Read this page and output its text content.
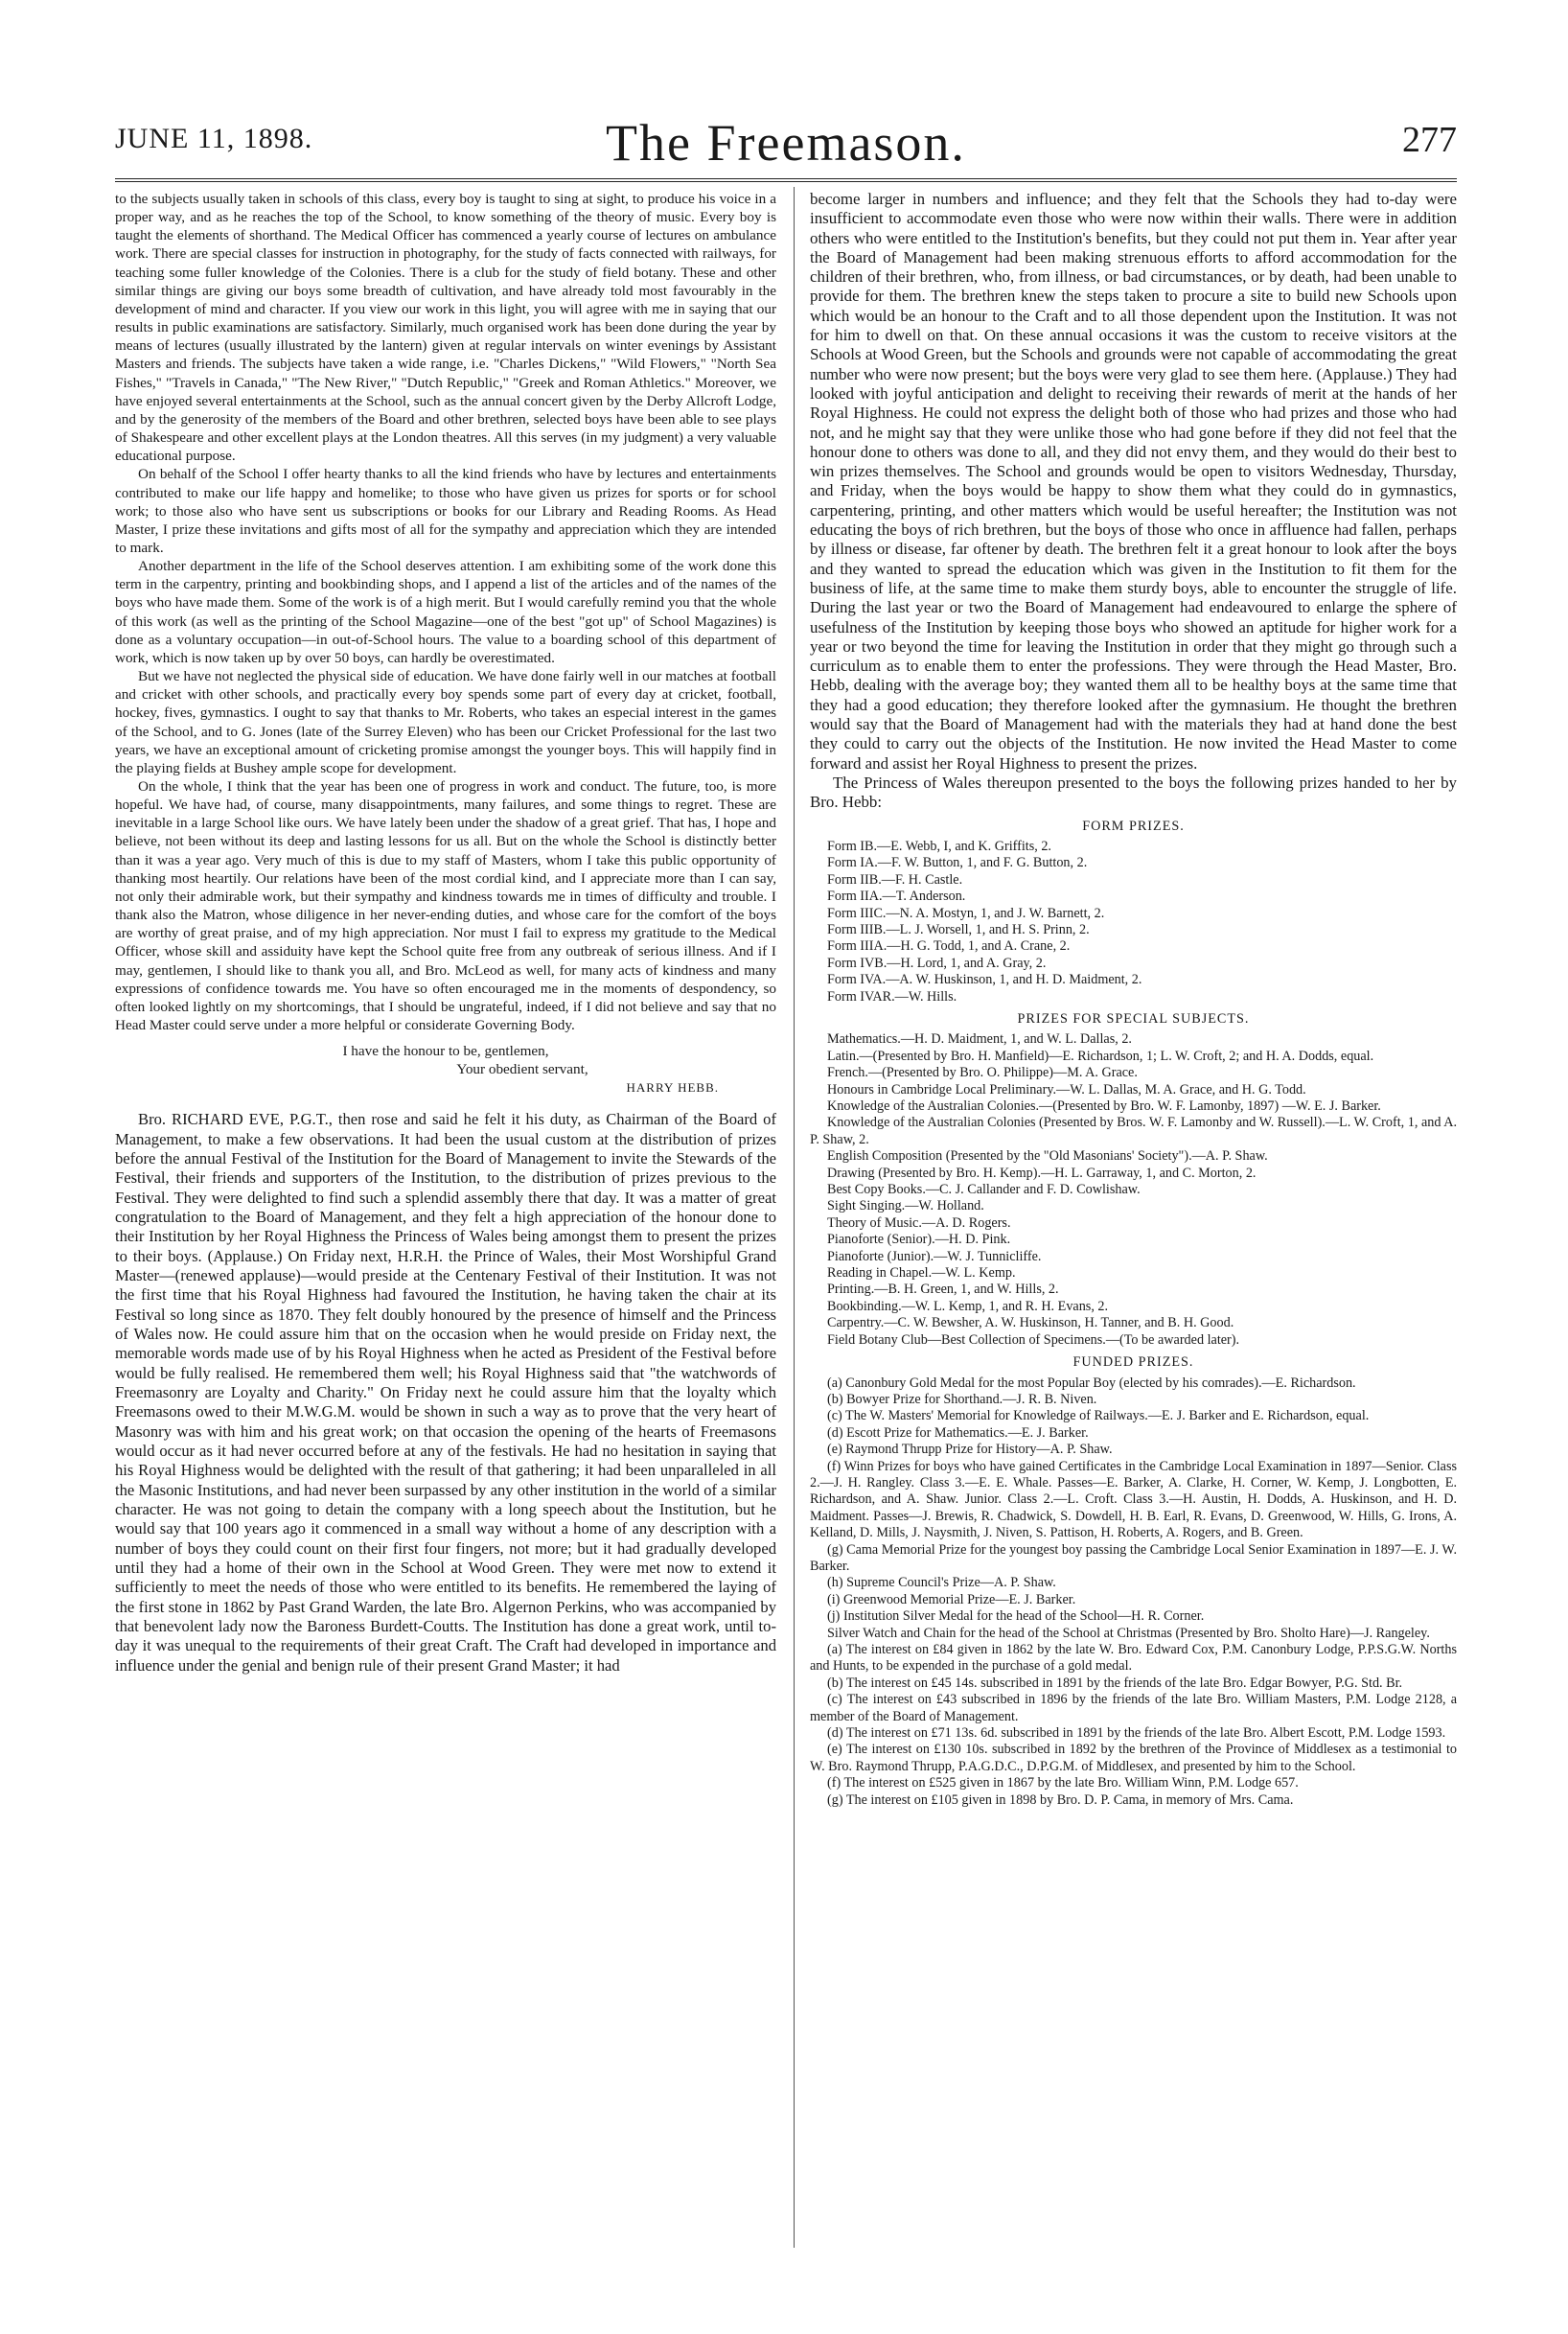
JUNE 11, 1898.	The Freemason.	277

to the subjects usually taken in schools of this class, every boy is taught to sing at sight, to produce his voice in a proper way, and as he reaches the top of the School, to know something of the theory of music. Every boy is taught the elements of shorthand. The Medical Officer has commenced a yearly course of lectures on ambulance work. There are special classes for instruction in photography, for the study of facts connected with railways, for teaching some fuller knowledge of the Colonies. There is a club for the study of field botany. These and other similar things are giving our boys some breadth of cultivation, and have already told most favourably in the development of mind and character. If you view our work in this light, you will agree with me in saying that our results in public examinations are satisfactory. Similarly, much organised work has been done during the year by means of lectures (usually illustrated by the lantern) given at regular intervals on winter evenings by Assistant Masters and friends. The subjects have taken a wide range, i.e. "Charles Dickens," "Wild Flowers," "North Sea Fishes," "Travels in Canada," "The New River," "Dutch Republic," "Greek and Roman Athletics." Moreover, we have enjoyed several entertainments at the School, such as the annual concert given by the Derby Allcroft Lodge, and by the generosity of the members of the Board and other brethren, selected boys have been able to see plays of Shakespeare and other excellent plays at the London theatres. All this serves (in my judgment) a very valuable educational purpose.

On behalf of the School I offer hearty thanks to all the kind friends who have by lectures and entertainments contributed to make our life happy and homelike; to those who have given us prizes for sports or for school work; to those also who have sent us subscriptions or books for our Library and Reading Rooms. As Head Master, I prize these invitations and gifts most of all for the sympathy and appreciation which they are intended to mark.

Another department in the life of the School deserves attention. I am exhibiting some of the work done this term in the carpentry, printing and bookbinding shops, and I append a list of the articles and of the names of the boys who have made them. Some of the work is of a high merit. But I would carefully remind you that the whole of this work (as well as the printing of the School Magazine—one of the best "got up" of School Magazines) is done as a voluntary occupation—in out-of-School hours. The value to a boarding school of this department of work, which is now taken up by over 50 boys, can hardly be overestimated.

But we have not neglected the physical side of education. We have done fairly well in our matches at football and cricket with other schools, and practically every boy spends some part of every day at cricket, football, hockey, fives, gymnastics. I ought to say that thanks to Mr. Roberts, who takes an especial interest in the games of the School, and to G. Jones (late of the Surrey Eleven) who has been our Cricket Professional for the last two years, we have an exceptional amount of cricketing promise amongst the younger boys. This will happily find in the playing fields at Bushey ample scope for development.

On the whole, I think that the year has been one of progress in work and conduct. The future, too, is more hopeful. We have had, of course, many disappointments, many failures, and some things to regret. These are inevitable in a large School like ours. We have lately been under the shadow of a great grief. That has, I hope and believe, not been without its deep and lasting lessons for us all. But on the whole the School is distinctly better than it was a year ago. Very much of this is due to my staff of Masters, whom I take this public opportunity of thanking most heartily. Our relations have been of the most cordial kind, and I appreciate more than I can say, not only their admirable work, but their sympathy and kindness towards me in times of difficulty and trouble. I thank also the Matron, whose diligence in her never-ending duties, and whose care for the comfort of the boys are worthy of great praise, and of my high appreciation. Nor must I fail to express my gratitude to the Medical Officer, whose skill and assiduity have kept the School quite free from any outbreak of serious illness. And if I may, gentlemen, I should like to thank you all, and Bro. McLeod as well, for many acts of kindness and many expressions of confidence towards me. You have so often encouraged me in the moments of despondency, so often looked lightly on my shortcomings, that I should be ungrateful, indeed, if I did not believe and say that no Head Master could serve under a more helpful or considerate Governing Body.

I have the honour to be, gentlemen,
Your obedient servant,
HARRY HEBB.

Bro. RICHARD EVE, P.G.T., then rose and said he felt it his duty, as Chairman of the Board of Management, to make a few observations. It had been the usual custom at the distribution of prizes before the annual Festival of the Institution for the Board of Management to invite the Stewards of the Festival, their friends and supporters of the Institution, to the distribution of prizes previous to the Festival. They were delighted to find such a splendid assembly there that day. It was a matter of great congratulation to the Board of Management, and they felt a high appreciation of the honour done to their Institution by her Royal Highness the Princess of Wales being amongst them to present the prizes to their boys. (Applause.) On Friday next, H.R.H. the Prince of Wales, their Most Worshipful Grand Master—(renewed applause)—would preside at the Centenary Festival of their Institution. It was not the first time that his Royal Highness had favoured the Institution, he having taken the chair at its Festival so long since as 1870. They felt doubly honoured by the presence of himself and the Princess of Wales now. He could assure him that on the occasion when he would preside on Friday next, the memorable words made use of by his Royal Highness when he acted as President of the Festival before would be fully realised. He remembered them well; his Royal Highness said that "the watchwords of Freemasonry are Loyalty and Charity." On Friday next he could assure him that the loyalty which Freemasons owed to their M.W.G.M. would be shown in such a way as to prove that the very heart of Masonry was with him and his great work; on that occasion the opening of the hearts of Freemasons would occur as it had never occurred before at any of the festivals. He had no hesitation in saying that his Royal Highness would be delighted with the result of that gathering; it had been unparalleled in all the Masonic Institutions, and had never been surpassed by any other institution in the world of a similar character. He was not going to detain the company with a long speech about the Institution, but he would say that 100 years ago it commenced in a small way without a home of any description with a number of boys they could count on their first four fingers, not more; but it had gradually developed until they had a home of their own in the School at Wood Green. They were met now to extend it sufficiently to meet the needs of those who were entitled to its benefits. He remembered the laying of the first stone in 1862 by Past Grand Warden, the late Bro. Algernon Perkins, who was accompanied by that benevolent lady now the Baroness Burdett-Coutts. The Institution has done a great work, until to-day it was unequal to the requirements of their great Craft. The Craft had developed in importance and influence under the genial and benign rule of their present Grand Master; it had

become larger in numbers and influence; and they felt that the Schools they had to-day were insufficient to accommodate even those who were now within their walls. There were in addition others who were entitled to the Institution's benefits, but they could not put them in. Year after year the Board of Management had been making strenuous efforts to afford accommodation for the children of their brethren, who, from illness, or bad circumstances, or by death, had been unable to provide for them. The brethren knew the steps taken to procure a site to build new Schools upon which would be an honour to the Craft and to all those dependent upon the Institution. It was not for him to dwell on that. On these annual occasions it was the custom to receive visitors at the Schools at Wood Green, but the Schools and grounds were not capable of accommodating the great number who were now present; but the boys were very glad to see them here. (Applause.) They had looked with joyful anticipation and delight to receiving their rewards of merit at the hands of her Royal Highness. He could not express the delight both of those who had prizes and those who had not, and he might say that they were unlike those who had gone before if they did not feel that the honour done to others was done to all, and they did not envy them, and they would do their best to win prizes themselves. The School and grounds would be open to visitors Wednesday, Thursday, and Friday, when the boys would be happy to show them what they could do in gymnastics, carpentering, printing, and other matters which would be useful hereafter; the Institution was not educating the boys of rich brethren, but the boys of those who once in affluence had fallen, perhaps by illness or disease, far oftener by death. The brethren felt it a great honour to look after the boys and they wanted to spread the education which was given in the Institution to fit them for the business of life, at the same time to make them sturdy boys, able to encounter the struggle of life. During the last year or two the Board of Management had endeavoured to enlarge the sphere of usefulness of the Institution by keeping those boys who showed an aptitude for higher work for a year or two beyond the time for leaving the Institution in order that they might go through such a curriculum as to enable them to enter the professions. They were through the Head Master, Bro. Hebb, dealing with the average boy; they wanted them all to be healthy boys at the same time that they had a good education; they therefore looked after the gymnasium. He thought the brethren would say that the Board of Management had with the materials they had at hand done the best they could to carry out the objects of the Institution. He now invited the Head Master to come forward and assist her Royal Highness to present the prizes.

The Princess of Wales thereupon presented to the boys the following prizes handed to her by Bro. Hebb:

FORM PRIZES.

Form IB.—E. Webb, I, and K. Griffits, 2.

Form IA.—F. W. Button, 1, and F. G. Button, 2.

Form IIB.—F. H. Castle.

Form IIA.—T. Anderson.

Form IIIC.—N. A. Mostyn, 1, and J. W. Barnett, 2.

Form IIIB.—L. J. Worsell, 1, and H. S. Prinn, 2.

Form IIIA.—H. G. Todd, 1, and A. Crane, 2.

Form IVB.—H. Lord, 1, and A. Gray, 2.

Form IVA.—A. W. Huskinson, 1, and H. D. Maidment, 2.

Form IVAR.—W. Hills.

PRIZES FOR SPECIAL SUBJECTS.

Mathematics.—H. D. Maidment, 1, and W. L. Dallas, 2.

Latin.—(Presented by Bro. H. Manfield)—E. Richardson, 1; L. W. Croft, 2; and H. A. Dodds, equal.

French.—(Presented by Bro. O. Philippe)—M. A. Grace.

Honours in Cambridge Local Preliminary.—W. L. Dallas, M. A. Grace, and H. G. Todd.

Knowledge of the Australian Colonies.—(Presented by Bro. W. F. Lamonby, 1897) —W. E. J. Barker.

Knowledge of the Australian Colonies (Presented by Bros. W. F. Lamonby and W. Russell).—L. W. Croft, 1, and A. P. Shaw, 2.

English Composition (Presented by the "Old Masonians' Society").—A. P. Shaw.

Drawing (Presented by Bro. H. Kemp).—H. L. Garraway, 1, and C. Morton, 2.

Best Copy Books.—C. J. Callander and F. D. Cowlishaw.

Sight Singing.—W. Holland.

Theory of Music.—A. D. Rogers.

Pianoforte (Senior).—H. D. Pink.

Pianoforte (Junior).—W. J. Tunnicliffe.

Reading in Chapel.—W. L. Kemp.

Printing.—B. H. Green, 1, and W. Hills, 2.

Bookbinding.—W. L. Kemp, 1, and R. H. Evans, 2.

Carpentry.—C. W. Bewsher, A. W. Huskinson, H. Tanner, and B. H. Good.

Field Botany Club—Best Collection of Specimens.—(To be awarded later).

FUNDED PRIZES.

(a) Canonbury Gold Medal for the most Popular Boy (elected by his comrades).—E. Richardson.

(b) Bowyer Prize for Shorthand.—J. R. B. Niven.

(c) The W. Masters' Memorial for Knowledge of Railways.—E. J. Barker and E. Richardson, equal.

(d) Escott Prize for Mathematics.—E. J. Barker.

(e) Raymond Thrupp Prize for History—A. P. Shaw.

(f) Winn Prizes for boys who have gained Certificates in the Cambridge Local Examination in 1897—Senior. Class 2.—J. H. Rangley. Class 3.—E. E. Whale. Passes—E. Barker, A. Clarke, H. Corner, W. Kemp, J. Longbotten, E. Richardson, and A. Shaw. Junior. Class 2.—L. Croft. Class 3.—H. Austin, H. Dodds, A. Huskinson, and H. D. Maidment. Passes—J. Brewis, R. Chadwick, S. Dowdell, H. B. Earl, R. Evans, D. Greenwood, W. Hills, G. Irons, A. Kelland, D. Mills, J. Naysmith, J. Niven, S. Pattison, H. Roberts, A. Rogers, and B. Green.

(g) Cama Memorial Prize for the youngest boy passing the Cambridge Local Senior Examination in 1897—E. J. W. Barker.

(h) Supreme Council's Prize—A. P. Shaw.

(i) Greenwood Memorial Prize—E. J. Barker.

(j) Institution Silver Medal for the head of the School—H. R. Corner.

Silver Watch and Chain for the head of the School at Christmas (Presented by Bro. Sholto Hare)—J. Rangeley.

(a) The interest on £84 given in 1862 by the late W. Bro. Edward Cox, P.M. Canonbury Lodge, P.P.S.G.W. Norths and Hunts, to be expended in the purchase of a gold medal.

(b) The interest on £45 14s. subscribed in 1891 by the friends of the late Bro. Edgar Bowyer, P.G. Std. Br.

(c) The interest on £43 subscribed in 1896 by the friends of the late Bro. William Masters, P.M. Lodge 2128, a member of the Board of Management.

(d) The interest on £71 13s. 6d. subscribed in 1891 by the friends of the late Bro. Albert Escott, P.M. Lodge 1593.

(e) The interest on £130 10s. subscribed in 1892 by the brethren of the Province of Middlesex as a testimonial to W. Bro. Raymond Thrupp, P.A.G.D.C., D.P.G.M. of Middlesex, and presented by him to the School.

(f) The interest on £525 given in 1867 by the late Bro. William Winn, P.M. Lodge 657.

(g) The interest on £105 given in 1898 by Bro. D. P. Cama, in memory of Mrs. Cama.
